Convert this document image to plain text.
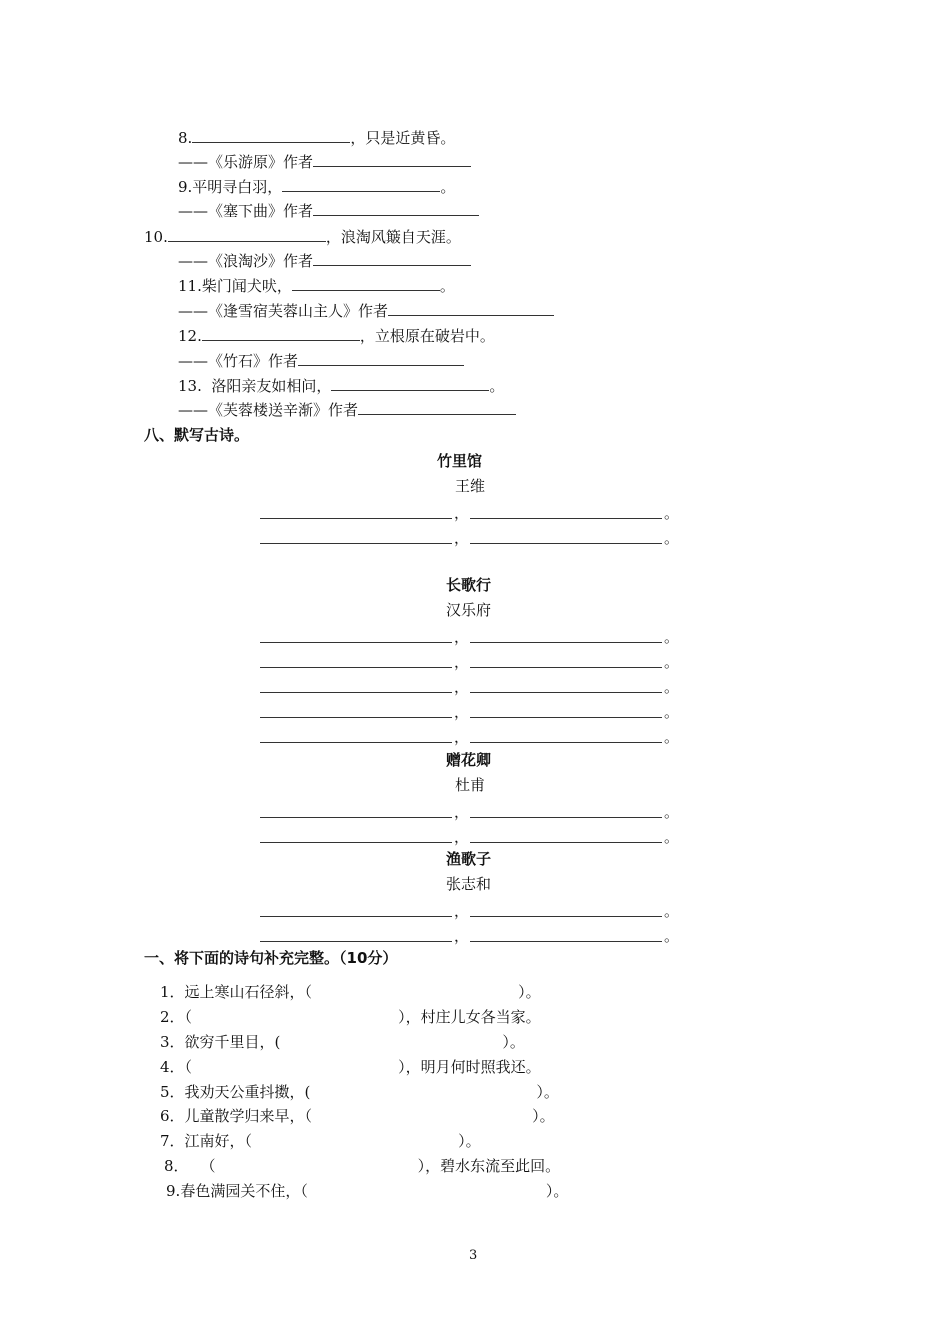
8.	，只是近黄昏。
——《乐游原》作者
9.平明寻白羽，	。
——《塞下曲》作者
10.	，浪淘风簸自天涯。
——《浪淘沙》作者
11.柴门闻犬吠，	。
——《逢雪宿芙蓉山主人》作者
12.	，立根原在破岩中。
——《竹石》作者
13.  洛阳亲友如相问，	。
——《芙蓉楼送辛渐》作者
八、默写古诗。
竹里馆
王维
，	。
，	。
长歌行
汉乐府
，	。
，	。
，	。
，	。
，	。
赠花卿
杜甫
，	。
，	。
渔歌子
张志和
，	。
，	。
一、将下面的诗句补充完整。（10分）
1．远上寒山石径斜，（	）。
2．（	），村庄儿女各当家。
3．欲穷千里目，(	）。
4．（	），明月何时照我还。
5．我劝天公重抖擞，(	）。
6．儿童散学归来早，（	）。
7．江南好，（	）。
8． （	），碧水东流至此回。
9.春色满园关不住，（	）。
3
